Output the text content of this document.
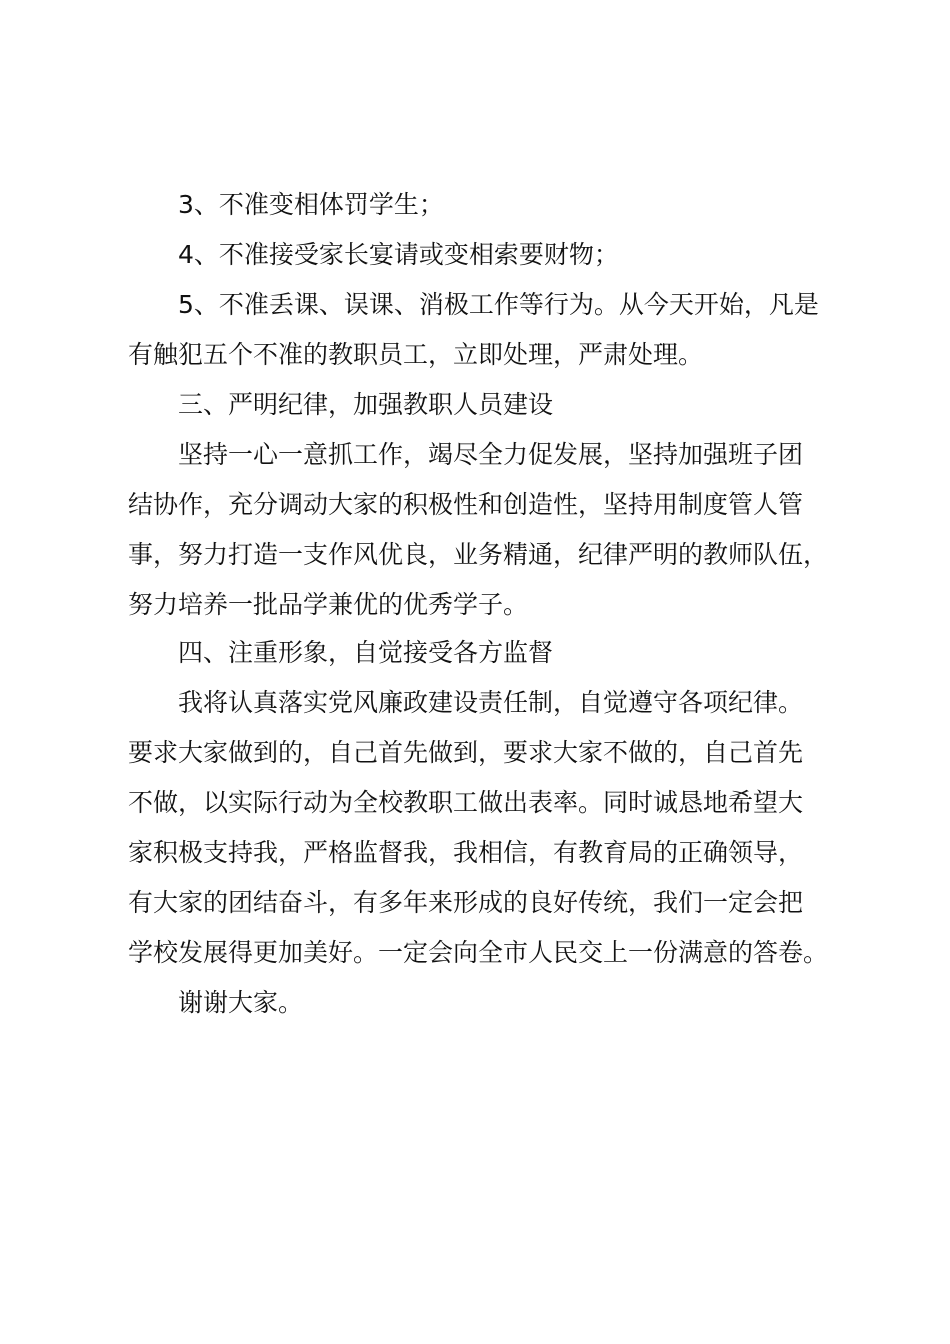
3、不准变相体罚学生；
4、不准接受家长宴请或变相索要财物；
5、不准丢课、误课、消极工作等行为。从今天开始，凡是
有触犯五个不准的教职员工，立即处理，严肃处理。
三、严明纪律，加强教职人员建设
坚持一心一意抓工作，竭尽全力促发展，坚持加强班子团
结协作，充分调动大家的积极性和创造性，坚持用制度管人管
事，努力打造一支作风优良，业务精通，纪律严明的教师队伍，
努力培养一批品学兼优的优秀学子。
四、注重形象，自觉接受各方监督
我将认真落实党风廉政建设责任制，自觉遵守各项纪律。
要求大家做到的，自己首先做到，要求大家不做的，自己首先
不做，以实际行动为全校教职工做出表率。同时诚恳地希望大
家积极支持我，严格监督我，我相信，有教育局的正确领导，
有大家的团结奋斗，有多年来形成的良好传统，我们一定会把
学校发展得更加美好。一定会向全市人民交上一份满意的答卷。
谢谢大家。
